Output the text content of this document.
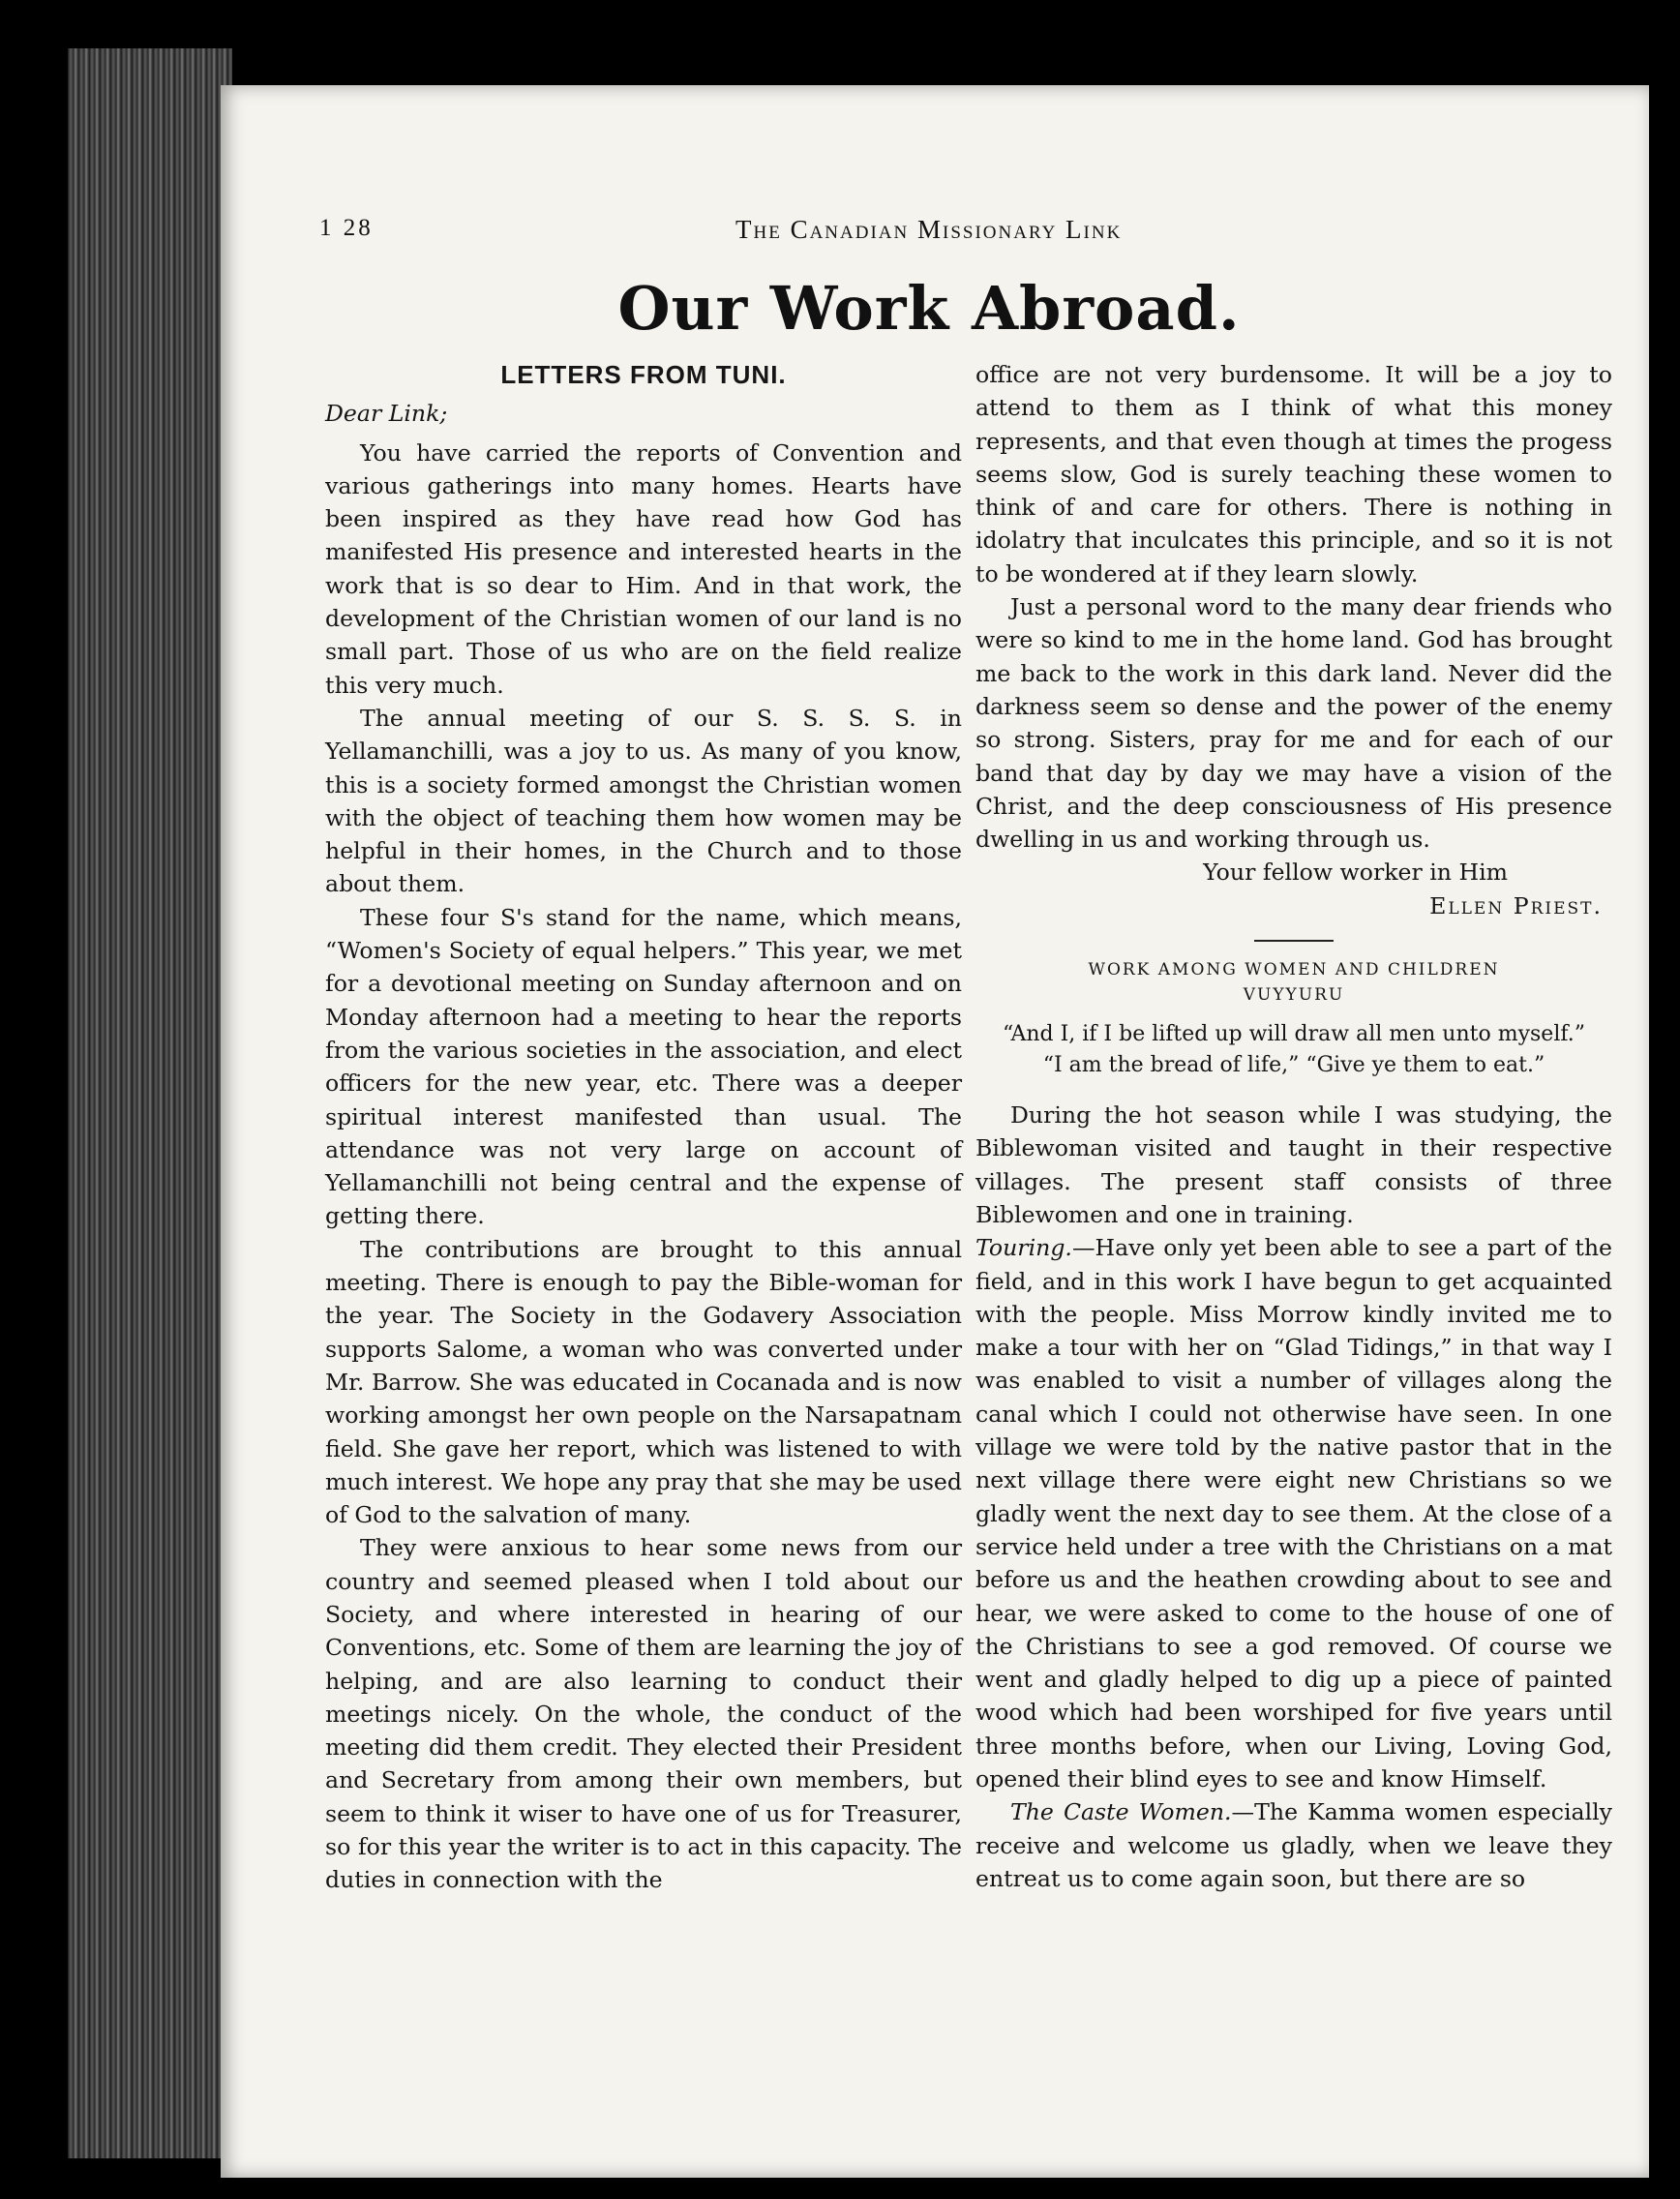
1 28	The Canadian Missionary Link
Our Work Abroad.
LETTERS FROM TUNI.
Dear Link;

You have carried the reports of Convention and various gatherings into many homes. Hearts have been inspired as they have read how God has manifested His presence and interested hearts in the work that is so dear to Him. And in that work, the development of the Christian women of our land is no small part. Those of us who are on the field realize this very much.

The annual meeting of our S. S. S. S. in Yellamanchilli, was a joy to us. As many of you know, this is a society formed amongst the Christian women with the object of teaching them how women may be helpful in their homes, in the Church and to those about them.

These four S's stand for the name, which means, “Women's Society of equal helpers.” This year, we met for a devotional meeting on Sunday afternoon and on Monday afternoon had a meeting to hear the reports from the various societies in the association, and elect officers for the new year, etc. There was a deeper spiritual interest manifested than usual. The attendance was not very large on account of Yellamanchilli not being central and the expense of getting there.

The contributions are brought to this annual meeting. There is enough to pay the Bible-woman for the year. The Society in the Godavery Association supports Salome, a woman who was converted under Mr. Barrow. She was educated in Cocanada and is now working amongst her own people on the Narsapatnam field. She gave her report, which was listened to with much interest. We hope any pray that she may be used of God to the salvation of many.

They were anxious to hear some news from our country and seemed pleased when I told about our Society, and where interested in hearing of our Conventions, etc. Some of them are learning the joy of helping, and are also learning to conduct their meetings nicely. On the whole, the conduct of the meeting did them credit. They elected their President and Secretary from among their own members, but seem to think it wiser to have one of us for Treasurer, so for this year the writer is to act in this capacity. The duties in connection with the

office are not very burdensome. It will be a joy to attend to them as I think of what this money represents, and that even though at times the progess seems slow, God is surely teaching these women to think of and care for others. There is nothing in idolatry that inculcates this principle, and so it is not to be wondered at if they learn slowly.

Just a personal word to the many dear friends who were so kind to me in the home land. God has brought me back to the work in this dark land. Never did the darkness seem so dense and the power of the enemy so strong. Sisters, pray for me and for each of our band that day by day we may have a vision of the Christ, and the deep consciousness of His presence dwelling in us and working through us.

Your fellow worker in Him
Ellen Priest.
WORK AMONG WOMEN AND CHILDREN
VUYYURU
“And I, if I be lifted up will draw all men unto myself.”
“I am the bread of life,” “Give ye them to eat.”

During the hot season while I was studying, the Biblewoman visited and taught in their respective villages. The present staff consists of three Biblewomen and one in training.

Touring.—Have only yet been able to see a part of the field, and in this work I have begun to get acquainted with the people. Miss Morrow kindly invited me to make a tour with her on “Glad Tidings,” in that way I was enabled to visit a number of villages along the canal which I could not otherwise have seen. In one village we were told by the native pastor that in the next village there were eight new Christians so we gladly went the next day to see them. At the close of a service held under a tree with the Christians on a mat before us and the heathen crowding about to see and hear, we were asked to come to the house of one of the Christians to see a god removed. Of course we went and gladly helped to dig up a piece of painted wood which had been worshiped for five years until three months before, when our Living, Loving God, opened their blind eyes to see and know Himself.

The Caste Women.—The Kamma women especially receive and welcome us gladly, when we leave they entreat us to come again soon, but there are so
